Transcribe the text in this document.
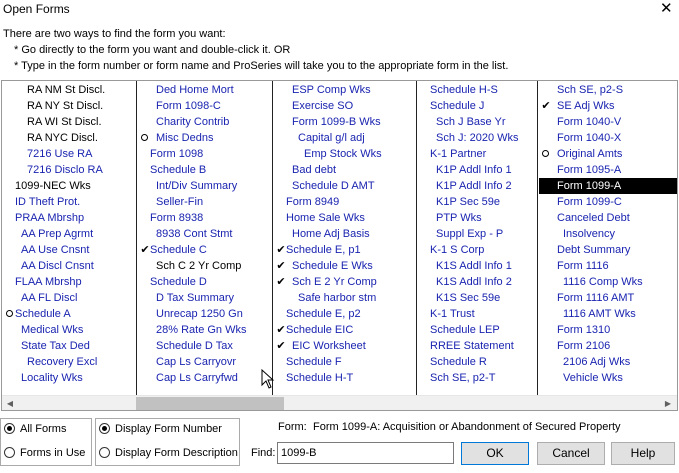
Open Forms	✕
There are two ways to find the form you want:
* Go directly to the form you want and double-click it. OR
* Type in the form number or form name and ProSeries will take you to the appropriate form in the list.
Sch SE, p2-S
✔ SE Adj Wks
Form 1040-V
Form 1040-X
Original Amts
Form 1095-A
Form 1099-A
Form 1099-C
Canceled Debt
Insolvency
Debt Summary
Form 1116
1116 Comp Wks
Form 1116 AMT
1116 AMT Wks
Form 1310
Form 2106
2106 Adj Wks
Vehicle Wks
Schedule H-S
Schedule J
Sch J Base Yr
Sch J: 2020 Wks
K-1 Partner
K1P Addl Info 1
K1P Addl Info 2
K1P Sec 59e
PTP Wks
Suppl Exp - P
K-1 S Corp
K1S Addl Info 1
K1S Addl Info 2
K1S Sec 59e
K-1 Trust
Schedule LEP
RREE Statement
Schedule R
Sch SE, p2-T
ESP Comp Wks
Exercise SO
Form 1099-B Wks
Capital g/l adj
Emp Stock Wks
Bad debt
Schedule D AMT
Form 8949
Home Sale Wks
Home Adj Basis
✔ Schedule E, p1
✔ Schedule E Wks
✔ Sch E 2 Yr Comp
Safe harbor stm
Schedule E, p2
✔ Schedule EIC
✔ EIC Worksheet
Schedule F
Schedule H-T
Ded Home Mort
Form 1098-C
Charity Contrib
Misc Dedns
Form 1098
Schedule B
Int/Div Summary
Seller-Fin
Form 8938
8938 Cont Stmt
✔ Schedule C
Sch C 2 Yr Comp
Schedule D
D Tax Summary
Unrecap 1250 Gn
28% Rate Gn Wks
Schedule D Tax
Cap Ls Carryovr
Cap Ls Carryfwd
RA NM St Discl.
RA NY St Discl.
RA WI St Discl.
RA NYC Discl.
7216 Use RA
7216 Disclo RA
1099-NEC Wks
ID Theft Prot.
PRAA Mbrshp
AA Prep Agrmt
AA Use Cnsnt
AA Discl Cnsnt
FLAA Mbrshp
AA FL Discl
Schedule A
Medical Wks
State Tax Ded
Recovery Excl
Locality Wks
◀	▶
All Forms
Forms in Use
Display Form Number
Display Form Description
Form: Form 1099-A: Acquisition or Abandonment of Secured Property
Find:
1099-B	OK	Cancel	Help
